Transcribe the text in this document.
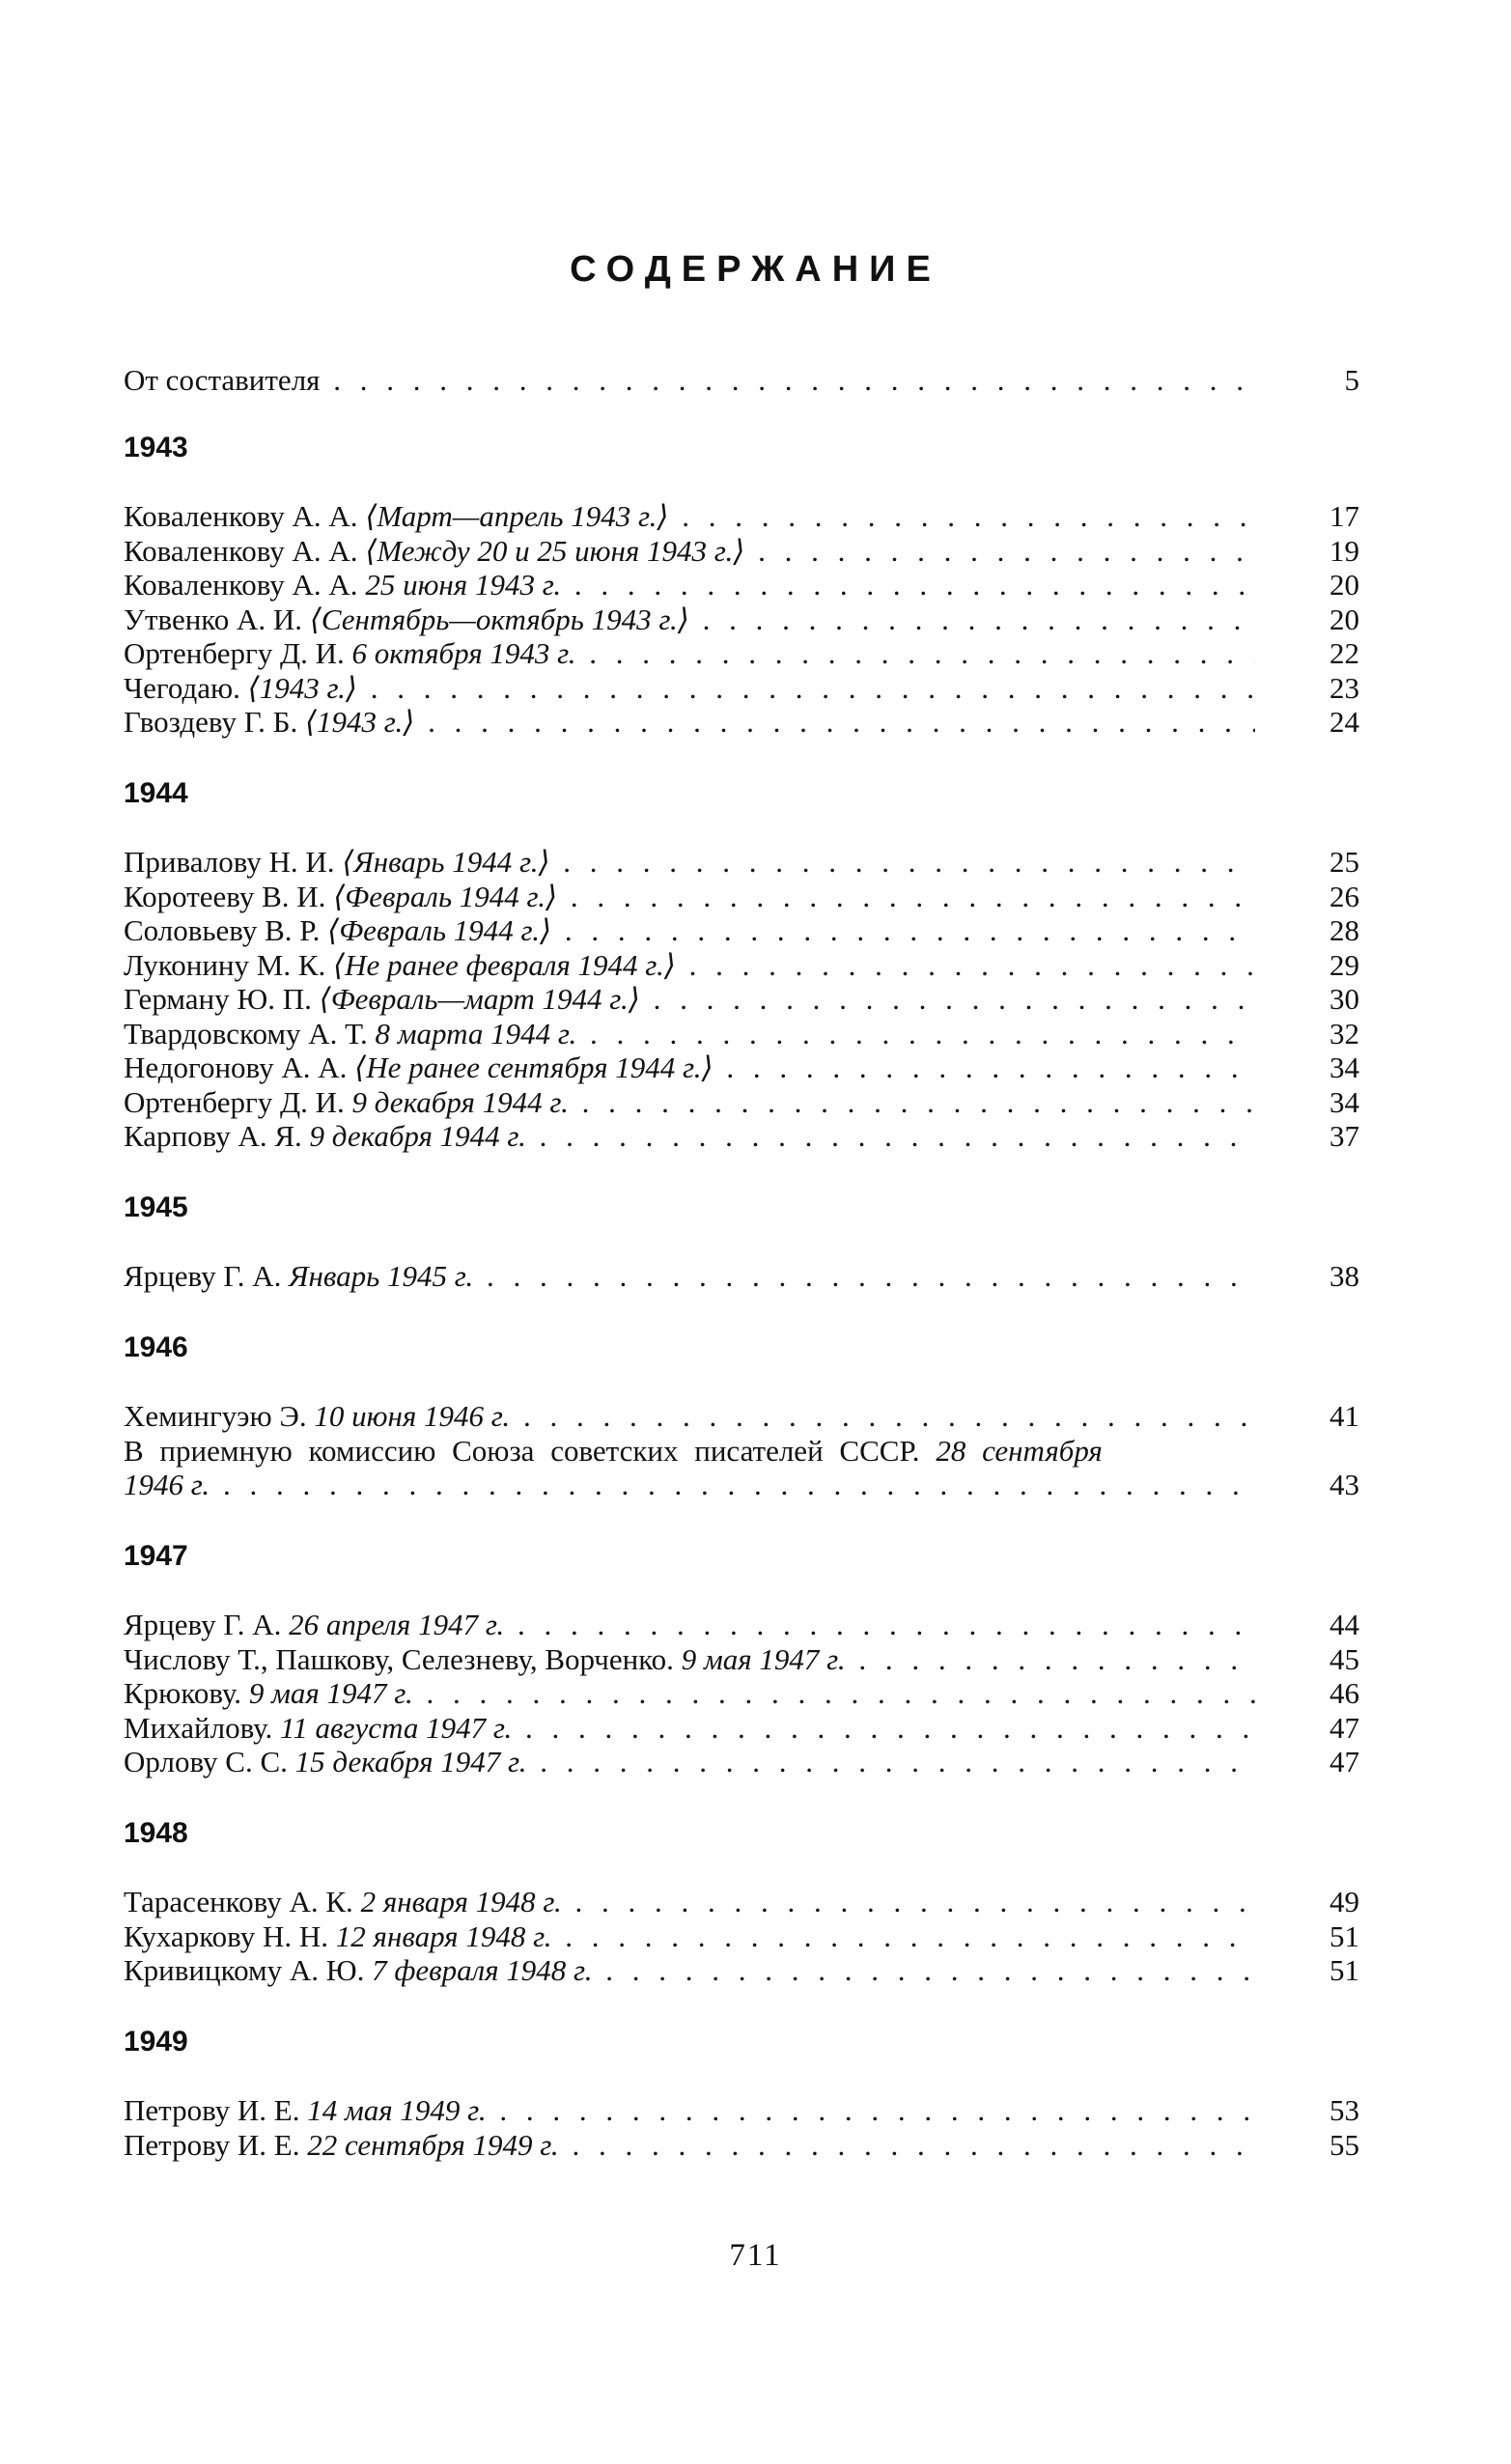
СОДЕРЖАНИЕ
От составителя . . .	5
1943
Коваленкову А. А. ⟨Март—апрель 1943 г.⟩ . . .	17
Коваленкову А. А. ⟨Между 20 и 25 июня 1943 г.⟩ . . .	19
Коваленкову А. А. 25 июня 1943 г. . . .	20
Утвенко А. И. ⟨Сентябрь—октябрь 1943 г.⟩ . . .	20
Ортенбергу Д. И. 6 октября 1943 г. . . .	22
Чегодаю. ⟨1943 г.⟩ . . .	23
Гвоздеву Г. Б. ⟨1943 г.⟩ . . .	24
1944
Привалову Н. И. ⟨Январь 1944 г.⟩ . . .	25
Коротееву В. И. ⟨Февраль 1944 г.⟩ . . .	26
Соловьеву В. Р. ⟨Февраль 1944 г.⟩ . . .	28
Луконину М. К. ⟨Не ранее февраля 1944 г.⟩ . . .	29
Герману Ю. П. ⟨Февраль—март 1944 г.⟩ . . .	30
Твардовскому А. Т. 8 марта 1944 г. . . .	32
Недогонову А. А. ⟨Не ранее сентября 1944 г.⟩ . . .	34
Ортенбергу Д. И. 9 декабря 1944 г. . . .	34
Карпову А. Я. 9 декабря 1944 г. . . .	37
1945
Ярцеву Г. А. Январь 1945 г. . . .	38
1946
Хемингуэю Э. 10 июня 1946 г. . . .	41
В приемную комиссию Союза советских писателей СССР. 28 сентября
1946 г. . . .	43
1947
Ярцеву Г. А. 26 апреля 1947 г. . . .	44
Числову Т., Пашкову, Селезневу, Ворченко. 9 мая 1947 г. . . .	45
Крюкову. 9 мая 1947 г. . . .	46
Михайлову. 11 августа 1947 г. . . .	47
Орлову С. С. 15 декабря 1947 г. . . .	47
1948
Тарасенкову А. К. 2 января 1948 г. . . .	49
Кухаркову Н. Н. 12 января 1948 г. . . .	51
Кривицкому А. Ю. 7 февраля 1948 г. . . .	51
1949
Петрову И. Е. 14 мая 1949 г. . . .	53
Петрову И. Е. 22 сентября 1949 г. . . .	55
711
